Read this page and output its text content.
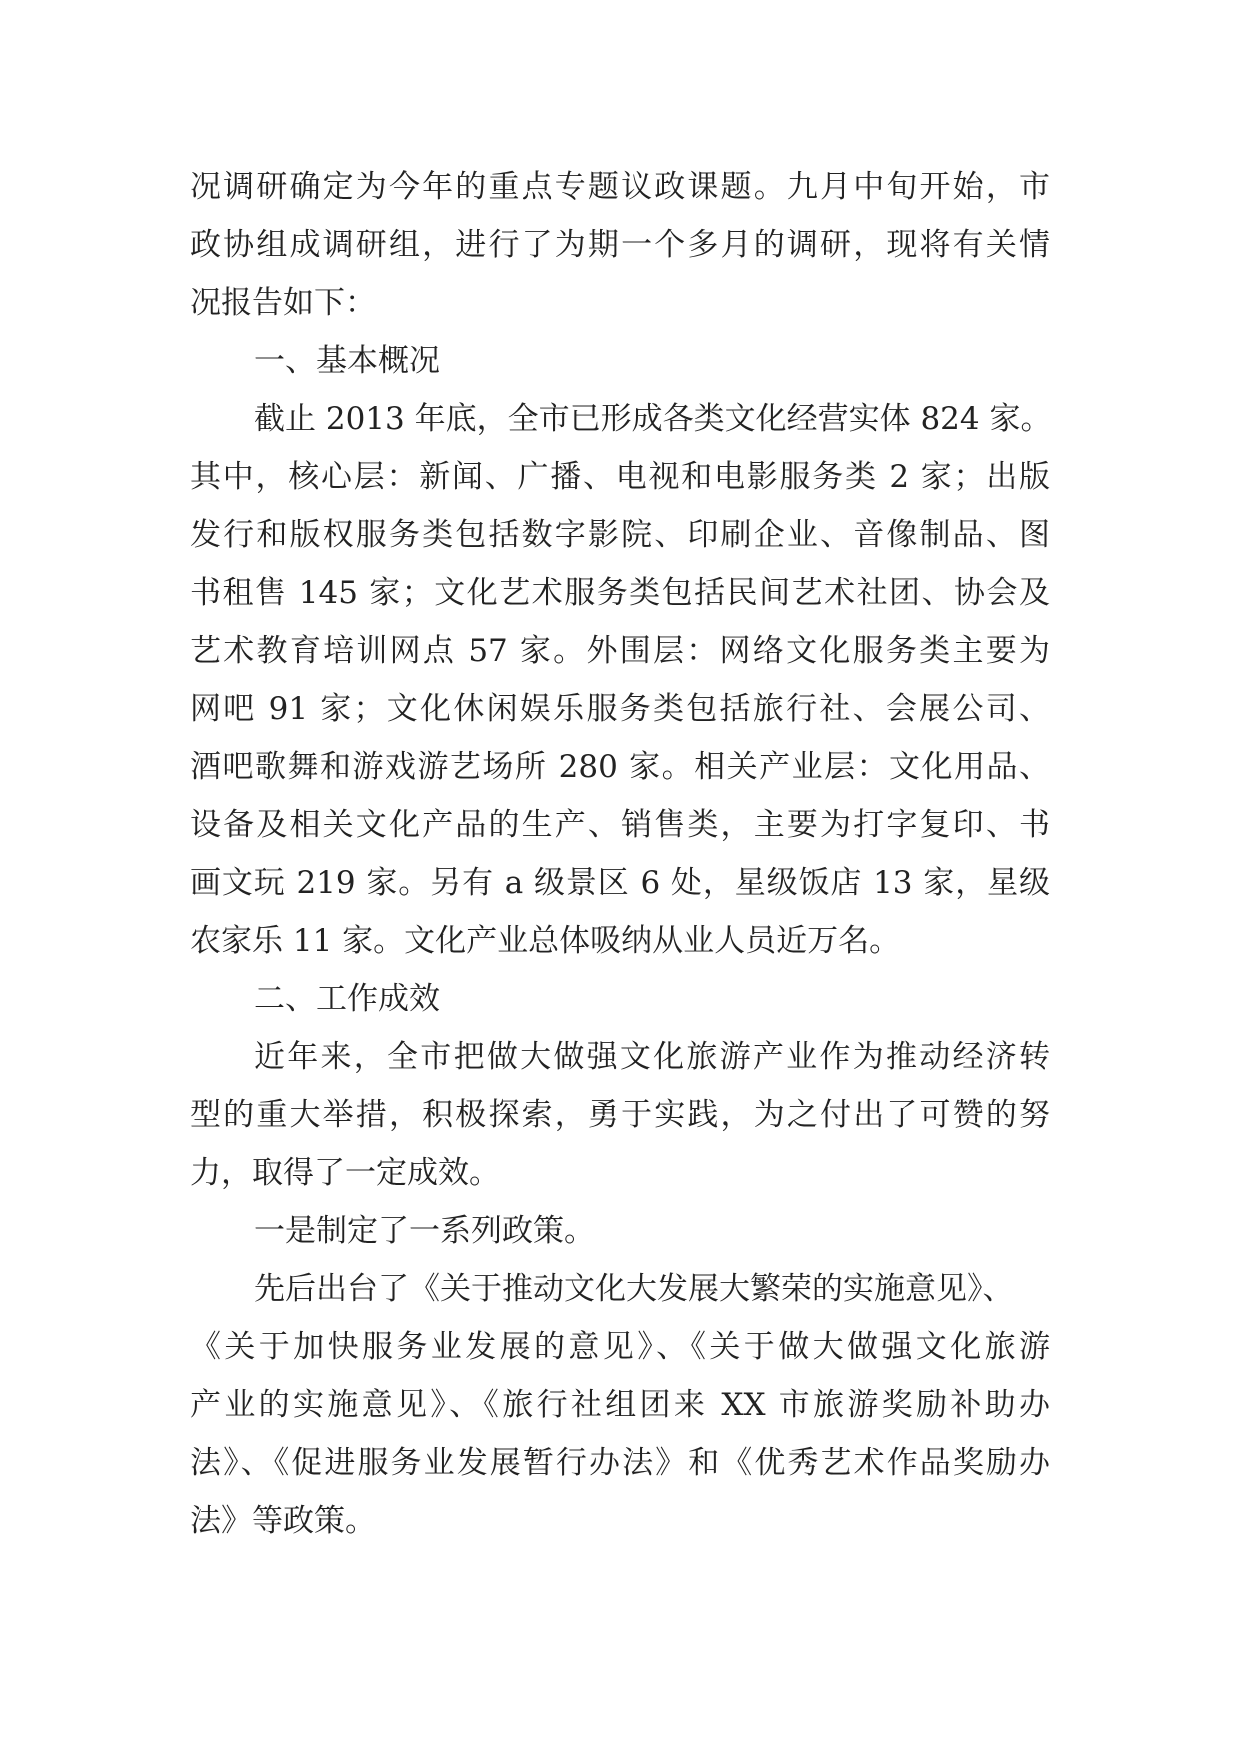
况调研确定为今年的重点专题议政课题。九月中旬开始，市
政协组成调研组，进行了为期一个多月的调研，现将有关情
况报告如下：
一、基本概况
截止 2013 年底，全市已形成各类文化经营实体 824 家。
其中，核心层：新闻、广播、电视和电影服务类 2 家；出版
发行和版权服务类包括数字影院、印刷企业、音像制品、图
书租售 145 家；文化艺术服务类包括民间艺术社团、协会及
艺术教育培训网点 57 家。外围层：网络文化服务类主要为
网吧 91 家；文化休闲娱乐服务类包括旅行社、会展公司、
酒吧歌舞和游戏游艺场所 280 家。相关产业层：文化用品、
设备及相关文化产品的生产、销售类，主要为打字复印、书
画文玩 219 家。另有 a 级景区 6 处，星级饭店 13 家，星级
农家乐 11 家。文化产业总体吸纳从业人员近万名。
二、工作成效
近年来，全市把做大做强文化旅游产业作为推动经济转
型的重大举措，积极探索，勇于实践，为之付出了可赞的努
力，取得了一定成效。
一是制定了一系列政策。
先后出台了《关于推动文化大发展大繁荣的实施意见》、
《关于加快服务业发展的意见》、《关于做大做强文化旅游
产业的实施意见》、《旅行社组团来 XX 市旅游奖励补助办
法》、《促进服务业发展暂行办法》和《优秀艺术作品奖励办
法》等政策。
